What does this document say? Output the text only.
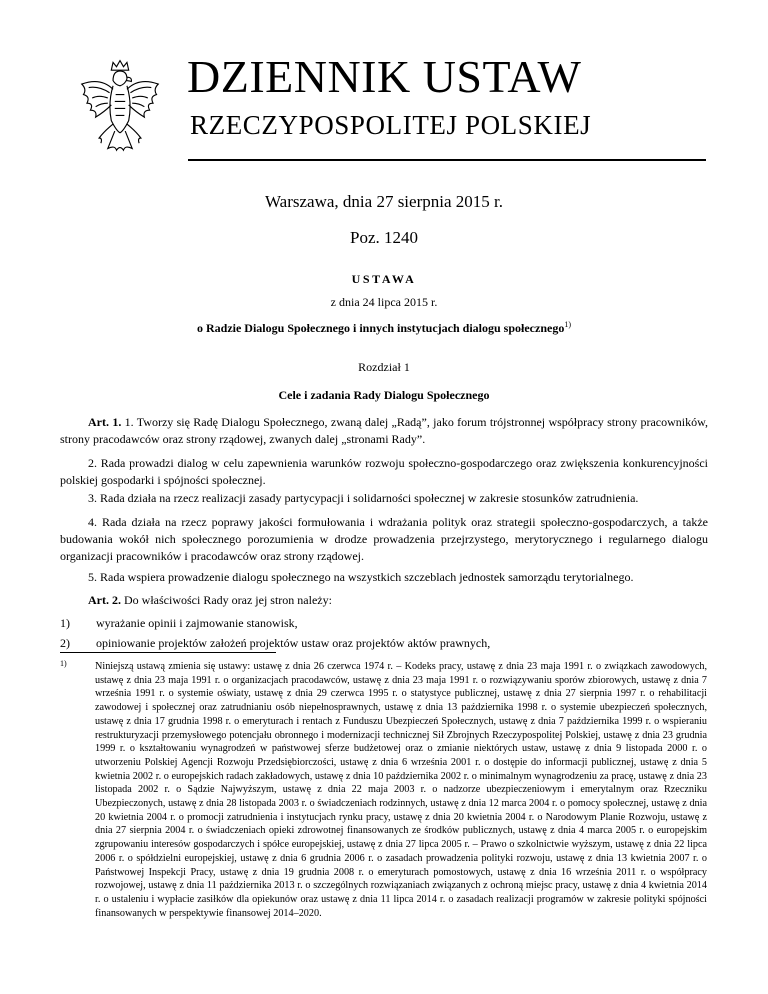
DZIENNIK USTAW
RZECZYPOSPOLITEJ POLSKIEJ
Warszawa, dnia 27 sierpnia 2015 r.
Poz. 1240
USTAWA
z dnia 24 lipca 2015 r.
o Radzie Dialogu Społecznego i innych instytucjach dialogu społecznego$^{1)}$
Rozdział 1
Cele i zadania Rady Dialogu Społecznego
Art. 1. 1. Tworzy się Radę Dialogu Społecznego, zwaną dalej „Radą”, jako forum trójstronnej współpracy strony pracowników, strony pracodawców oraz strony rządowej, zwanych dalej „stronami Rady”.
2. Rada prowadzi dialog w celu zapewnienia warunków rozwoju społeczno-gospodarczego oraz zwiększenia konkurencyjności polskiej gospodarki i spójności społecznej.
3. Rada działa na rzecz realizacji zasady partycypacji i solidarności społecznej w zakresie stosunków zatrudnienia.
4. Rada działa na rzecz poprawy jakości formułowania i wdrażania polityk oraz strategii społeczno-gospodarczych, a także budowania wokół nich społecznego porozumienia w drodze prowadzenia przejrzystego, merytorycznego i regularnego dialogu organizacji pracowników i pracodawców oraz strony rządowej.
5. Rada wspiera prowadzenie dialogu społecznego na wszystkich szczeblach jednostek samorządu terytorialnego.
Art. 2. Do właściwości Rady oraz jej stron należy:
1) wyrażanie opinii i zajmowanie stanowisk,
2) opiniowanie projektów założeń projektów ustaw oraz projektów aktów prawnych,
1)	Niniejszą ustawą zmienia się ustawy: ustawę z dnia 26 czerwca 1974 r. – Kodeks pracy, ustawę z dnia 23 maja 1991 r. o związkach zawodowych, ustawę z dnia 23 maja 1991 r. o organizacjach pracodawców, ustawę z dnia 23 maja 1991 r. o rozwiązywaniu sporów zbiorowych, ustawę z dnia 7 września 1991 r. o systemie oświaty, ustawę z dnia 29 czerwca 1995 r. o statystyce publicznej, ustawę z dnia 27 sierpnia 1997 r. o rehabilitacji zawodowej i społecznej oraz zatrudnianiu osób niepełnosprawnych, ustawę z dnia 13 października 1998 r. o systemie ubezpieczeń społecznych, ustawę z dnia 17 grudnia 1998 r. o emeryturach i rentach z Funduszu Ubezpieczeń Społecznych, ustawę z dnia 7 października 1999 r. o wspieraniu restrukturyzacji przemysłowego potencjału obronnego i modernizacji technicznej Sił Zbrojnych Rzeczypospolitej Polskiej, ustawę z dnia 23 grudnia 1999 r. o kształtowaniu wynagrodzeń w państwowej sferze budżetowej oraz o zmianie niektórych ustaw, ustawę z dnia 9 listopada 2000 r. o utworzeniu Polskiej Agencji Rozwoju Przedsiębiorczości, ustawę z dnia 6 września 2001 r. o dostępie do informacji publicznej, ustawę z dnia 5 kwietnia 2002 r. o europejskich radach zakładowych, ustawę z dnia 10 października 2002 r. o minimalnym wynagrodzeniu za pracę, ustawę z dnia 23 listopada 2002 r. o Sądzie Najwyższym, ustawę z dnia 22 maja 2003 r. o nadzorze ubezpieczeniowym i emerytalnym oraz Rzeczniku Ubezpieczonych, ustawę z dnia 28 listopada 2003 r. o świadczeniach rodzinnych, ustawę z dnia 12 marca 2004 r. o pomocy społecznej, ustawę z dnia 20 kwietnia 2004 r. o promocji zatrudnienia i instytucjach rynku pracy, ustawę z dnia 20 kwietnia 2004 r. o Narodowym Planie Rozwoju, ustawę z dnia 27 sierpnia 2004 r. o świadczeniach opieki zdrowotnej finansowanych ze środków publicznych, ustawę z dnia 4 marca 2005 r. o europejskim zgrupowaniu interesów gospodarczych i spółce europejskiej, ustawę z dnia 27 lipca 2005 r. – Prawo o szkolnictwie wyższym, ustawę z dnia 22 lipca 2006 r. o spółdzielni europejskiej, ustawę z dnia 6 grudnia 2006 r. o zasadach prowadzenia polityki rozwoju, ustawę z dnia 13 kwietnia 2007 r. o Państwowej Inspekcji Pracy, ustawę z dnia 19 grudnia 2008 r. o emeryturach pomostowych, ustawę z dnia 16 września 2011 r. o współpracy rozwojowej, ustawę z dnia 11 października 2013 r. o szczególnych rozwiązaniach związanych z ochroną miejsc pracy, ustawę z dnia 4 kwietnia 2014 r. o ustaleniu i wypłacie zasiłków dla opiekunów oraz ustawę z dnia 11 lipca 2014 r. o zasadach realizacji programów w zakresie polityki spójności finansowanych w perspektywie finansowej 2014–2020.
